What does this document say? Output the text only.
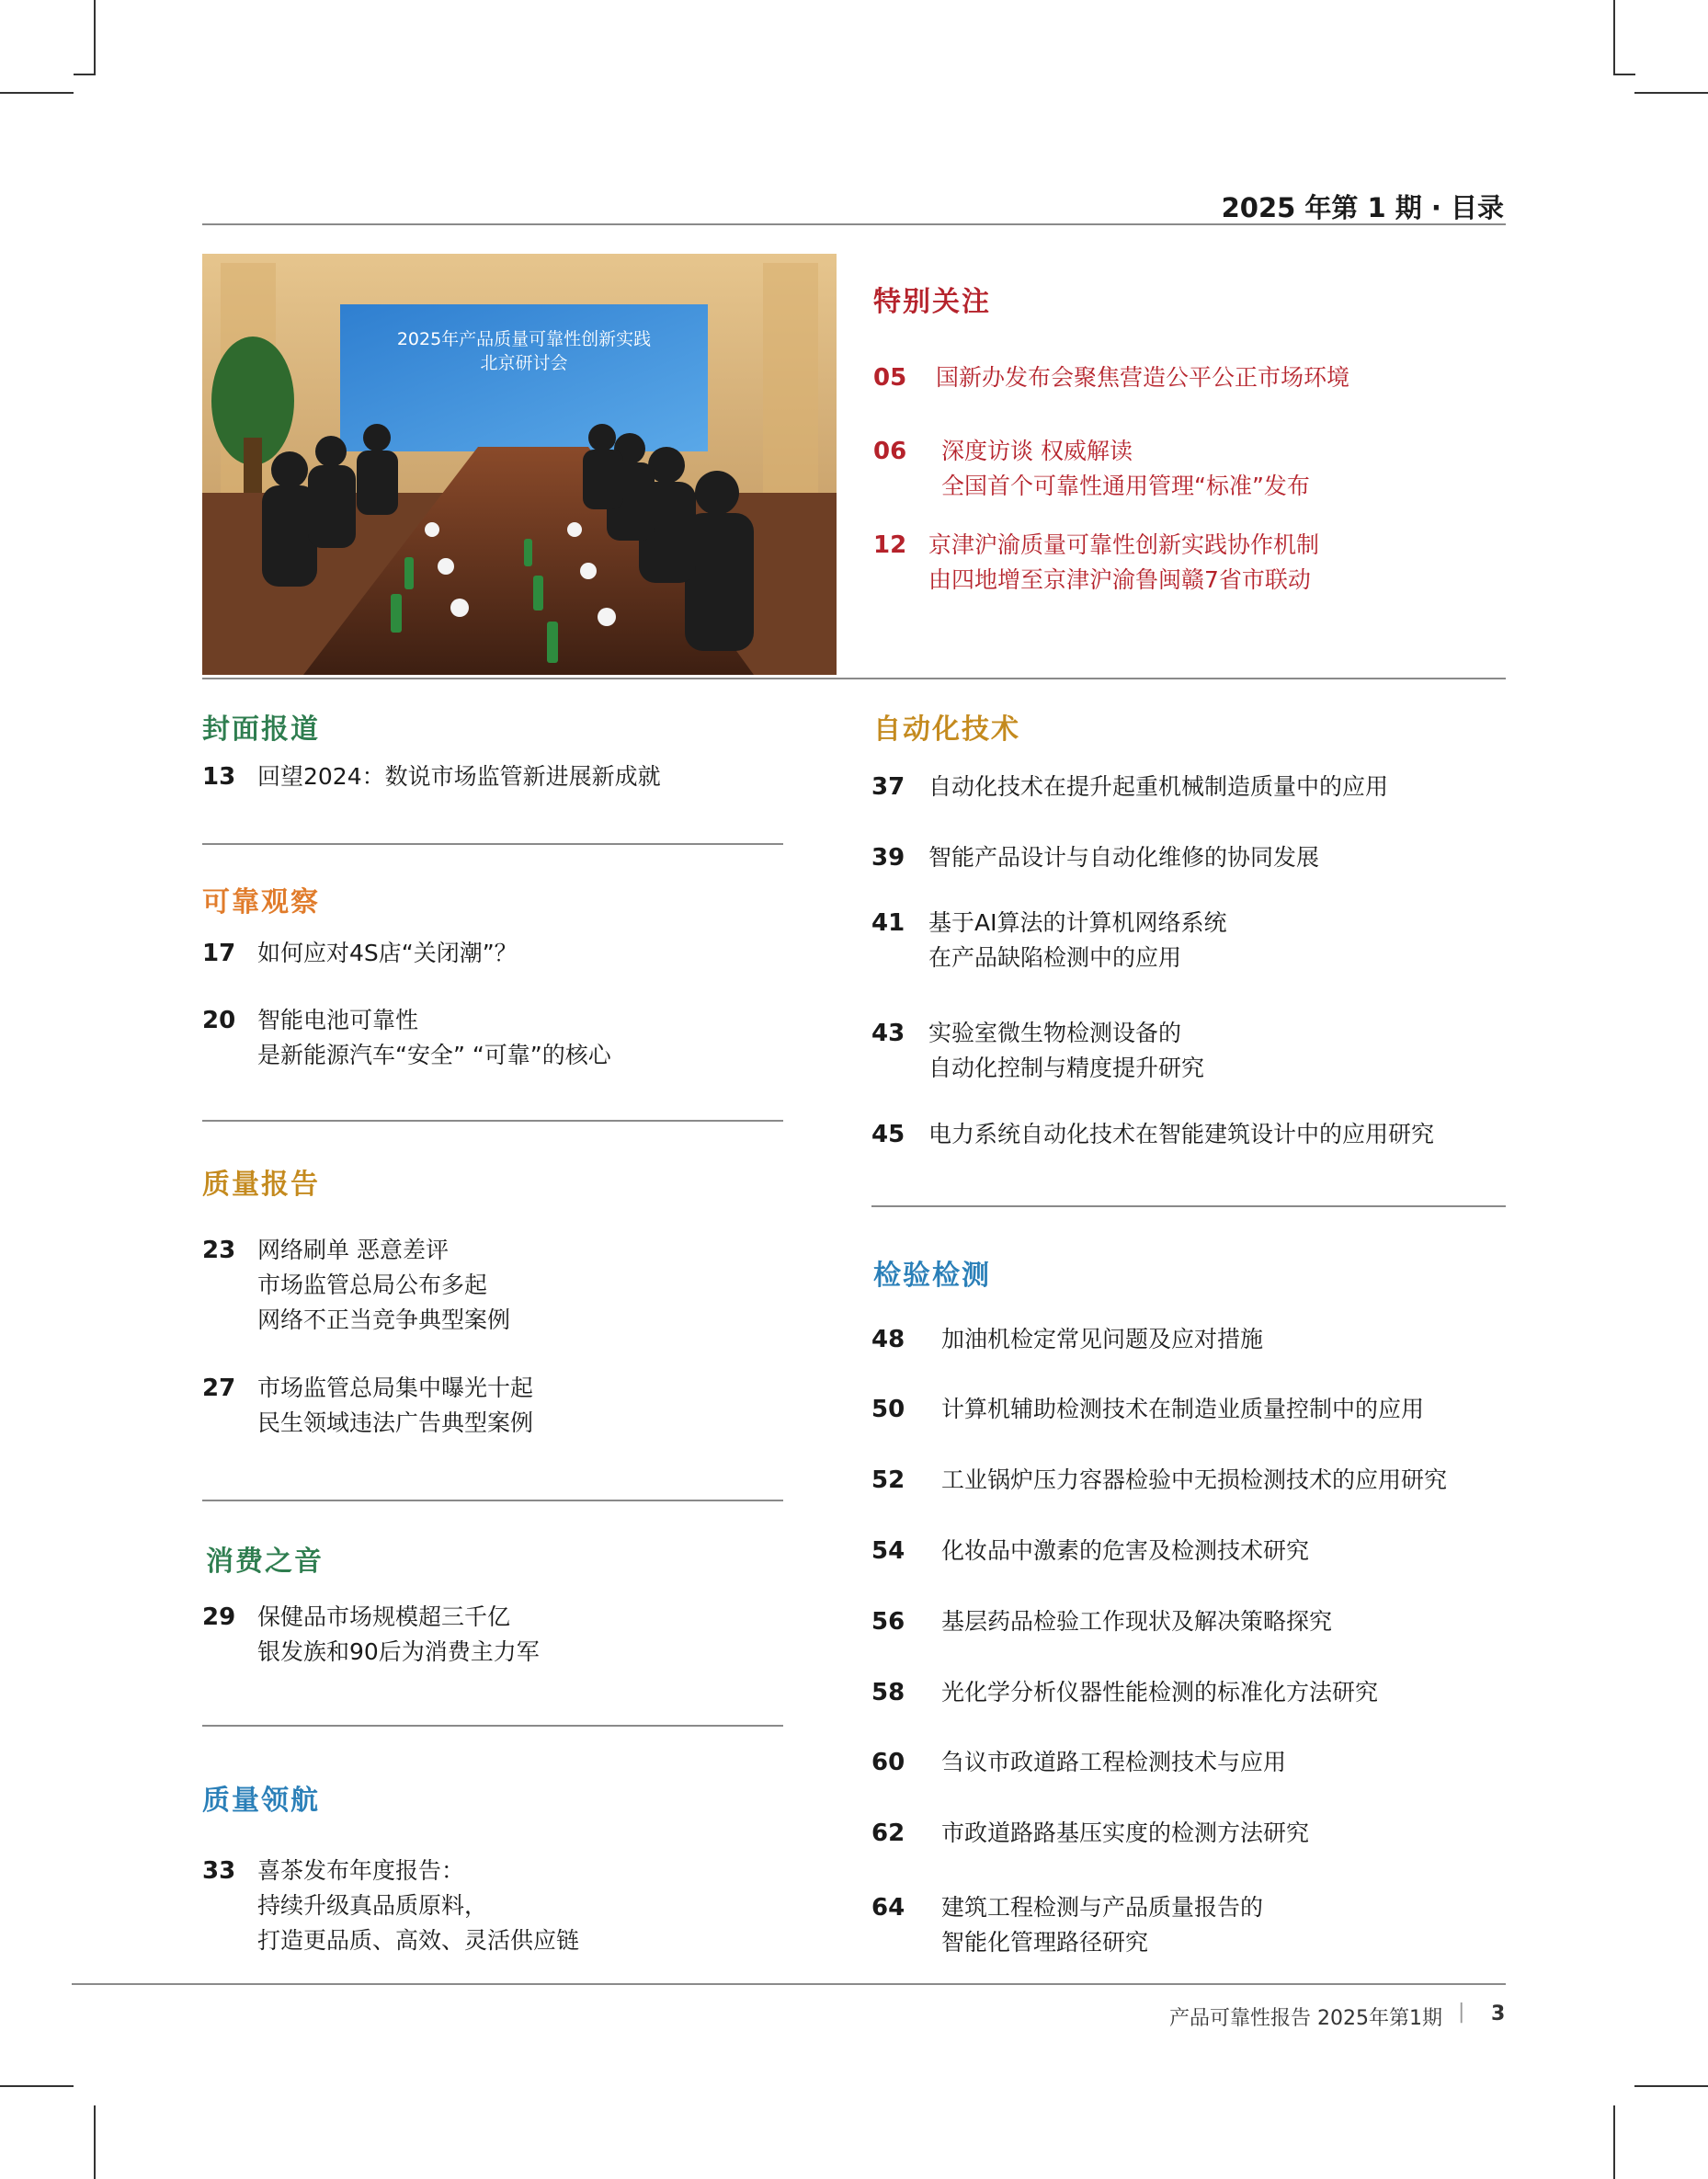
2025 年第 1 期 · 目录
2025年产品质量可靠性创新实践
北京研讨会
特别关注
05	国新办发布会聚焦营造公平公正市场环境
06	深度访谈 权威解读
全国首个可靠性通用管理“标准”发布
12 京津沪渝质量可靠性创新实践协作机制
由四地增至京津沪渝鲁闽赣7省市联动
封面报道
13 回望2024：数说市场监管新进展新成就
可靠观察
17 如何应对4S店“关闭潮”？
20 智能电池可靠性
是新能源汽车“安全” “可靠”的核心
质量报告
23 网络刷单 恶意差评
市场监管总局公布多起
网络不正当竞争典型案例
27 市场监管总局集中曝光十起
民生领域违法广告典型案例
消费之音
29 保健品市场规模超三千亿
银发族和90后为消费主力军
质量领航
33 喜茶发布年度报告：
持续升级真品质原料，
打造更品质、高效、灵活供应链
自动化技术
37	自动化技术在提升起重机械制造质量中的应用
39	智能产品设计与自动化维修的协同发展
41	基于AI算法的计算机网络系统
在产品缺陷检测中的应用
43	实验室微生物检测设备的
自动化控制与精度提升研究
45	电力系统自动化技术在智能建筑设计中的应用研究
检验检测
48	加油机检定常见问题及应对措施
50	计算机辅助检测技术在制造业质量控制中的应用
52	工业锅炉压力容器检验中无损检测技术的应用研究
54	化妆品中激素的危害及检测技术研究
56	基层药品检验工作现状及解决策略探究
58	光化学分析仪器性能检测的标准化方法研究
60	刍议市政道路工程检测技术与应用
62	市政道路路基压实度的检测方法研究
64	建筑工程检测与产品质量报告的
智能化管理路径研究
产品可靠性报告 2025年第1期 | 3
